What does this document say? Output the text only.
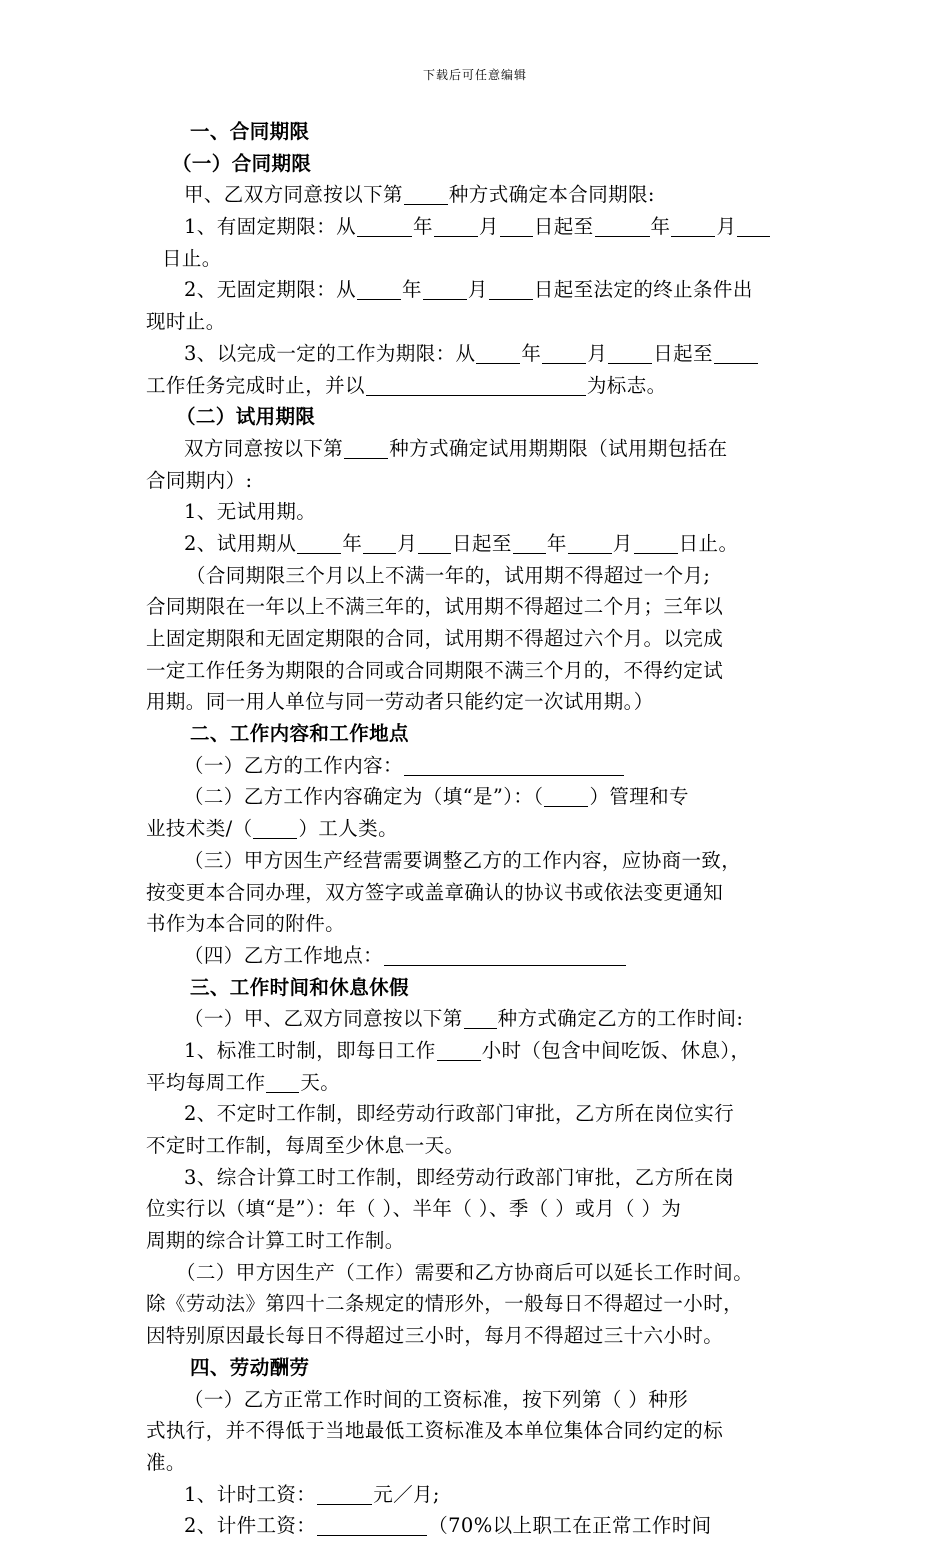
下载后可任意编辑
一、合同期限
（一）合同期限
甲、乙双方同意按以下第 种方式确定本合同期限:
1、有固定期限：从	年 月 日起至	年 月
日止。
2、无固定期限：从 年 月 日起至法定的终止条件出
现时止。
3、以完成一定的工作为期限：从 年 月 日起至
工作任务完成时止，并以	为标志。
（二）试用期限
双方同意按以下第 种方式确定试用期期限（试用期包括在
合同期内）:
1、无试用期。
2、试用期从 年 月 日起至 年 月 日止。
（合同期限三个月以上不满一年的，试用期不得超过一个月;
合同期限在一年以上不满三年的，试用期不得超过二个月；三年以
上固定期限和无固定期限的合同，试用期不得超过六个月。以完成
一定工作任务为期限的合同或合同期限不满三个月的，不得约定试
用期。同一用人单位与同一劳动者只能约定一次试用期。）
二、工作内容和工作地点
（一）乙方的工作内容：
（二）乙方工作内容确定为（填“是”）：（ ）管理和专
业技术类/（ ）工人类。
（三）甲方因生产经营需要调整乙方的工作内容，应协商一致，
按变更本合同办理，双方签字或盖章确认的协议书或依法变更通知
书作为本合同的附件。
（四）乙方工作地点：
三、工作时间和休息休假
（一）甲、乙双方同意按以下第 种方式确定乙方的工作时间:
1、标准工时制，即每日工作 小时（包含中间吃饭、休息），
平均每周工作 天。
2、不定时工作制，即经劳动行政部门审批，乙方所在岗位实行
不定时工作制，每周至少休息一天。
3、综合计算工时工作制，即经劳动行政部门审批，乙方所在岗
位实行以（填“是”）：年（ ）、半年（ ）、季（ ）或月（ ）为
周期的综合计算工时工作制。
（二）甲方因生产（工作）需要和乙方协商后可以延长工作时间。
除《劳动法》第四十二条规定的情形外，一般每日不得超过一小时，
因特别原因最长每日不得超过三小时，每月不得超过三十六小时。
四、劳动酬劳
（一）乙方正常工作时间的工资标准，按下列第（ ）种形
式执行，并不得低于当地最低工资标准及本单位集体合同约定的标
准。
1、计时工资：	元／月;
2、计件工资：	（70%以上职工在正常工作时间
